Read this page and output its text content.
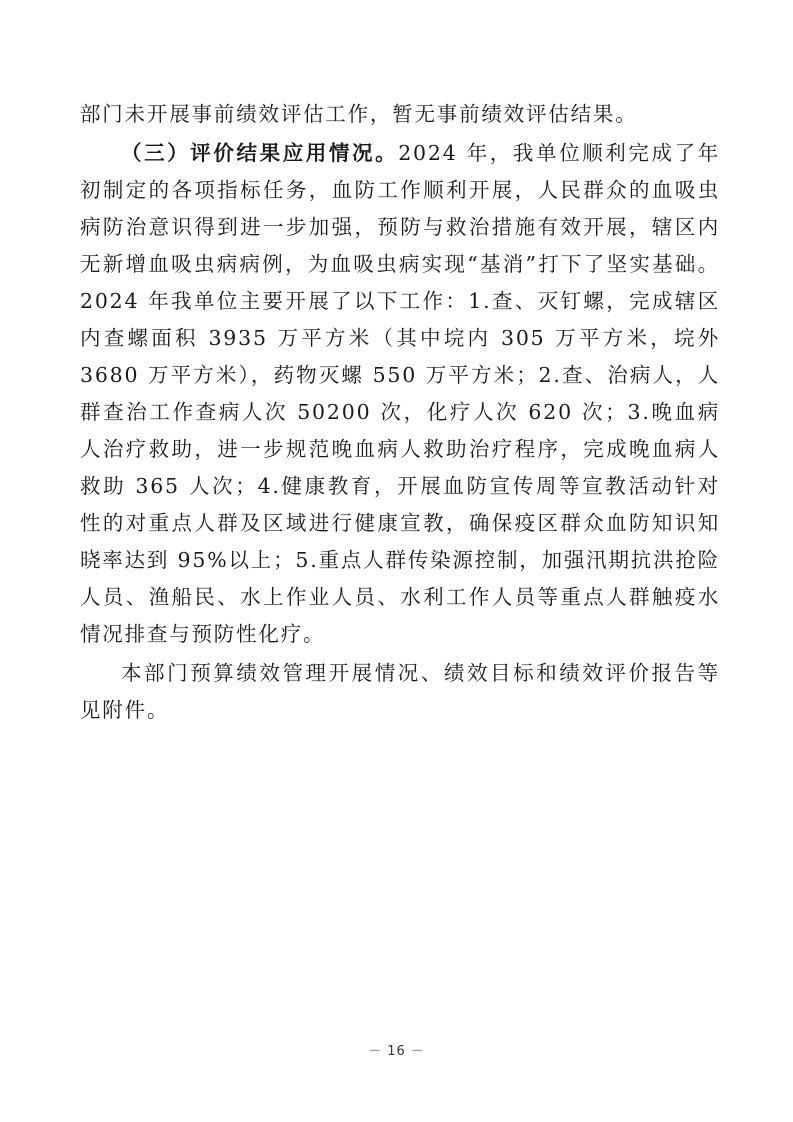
部门未开展事前绩效评估工作，暂无事前绩效评估结果。

（三）评价结果应用情况。2024 年，我单位顺利完成了年初制定的各项指标任务，血防工作顺利开展，人民群众的血吸虫病防治意识得到进一步加强，预防与救治措施有效开展，辖区内无新增血吸虫病病例，为血吸虫病实现“基消”打下了坚实基础。2024 年我单位主要开展了以下工作：1.查、灭钉螺，完成辖区内查螺面积 3935 万平方米（其中垸内 305 万平方米，垸外 3680 万平方米），药物灭螺 550 万平方米；2.查、治病人，人群查治工作查病人次 50200 次，化疗人次 620 次；3.晚血病人治疗救助，进一步规范晚血病人救助治疗程序，完成晚血病人救助 365 人次；4.健康教育，开展血防宣传周等宣教活动针对性的对重点人群及区域进行健康宣教，确保疫区群众血防知识知晓率达到 95%以上；5.重点人群传染源控制，加强汛期抗洪抢险人员、渔船民、水上作业人员、水利工作人员等重点人群触疫水情况排查与预防性化疗。

本部门预算绩效管理开展情况、绩效目标和绩效评价报告等见附件。

－ 16 －
